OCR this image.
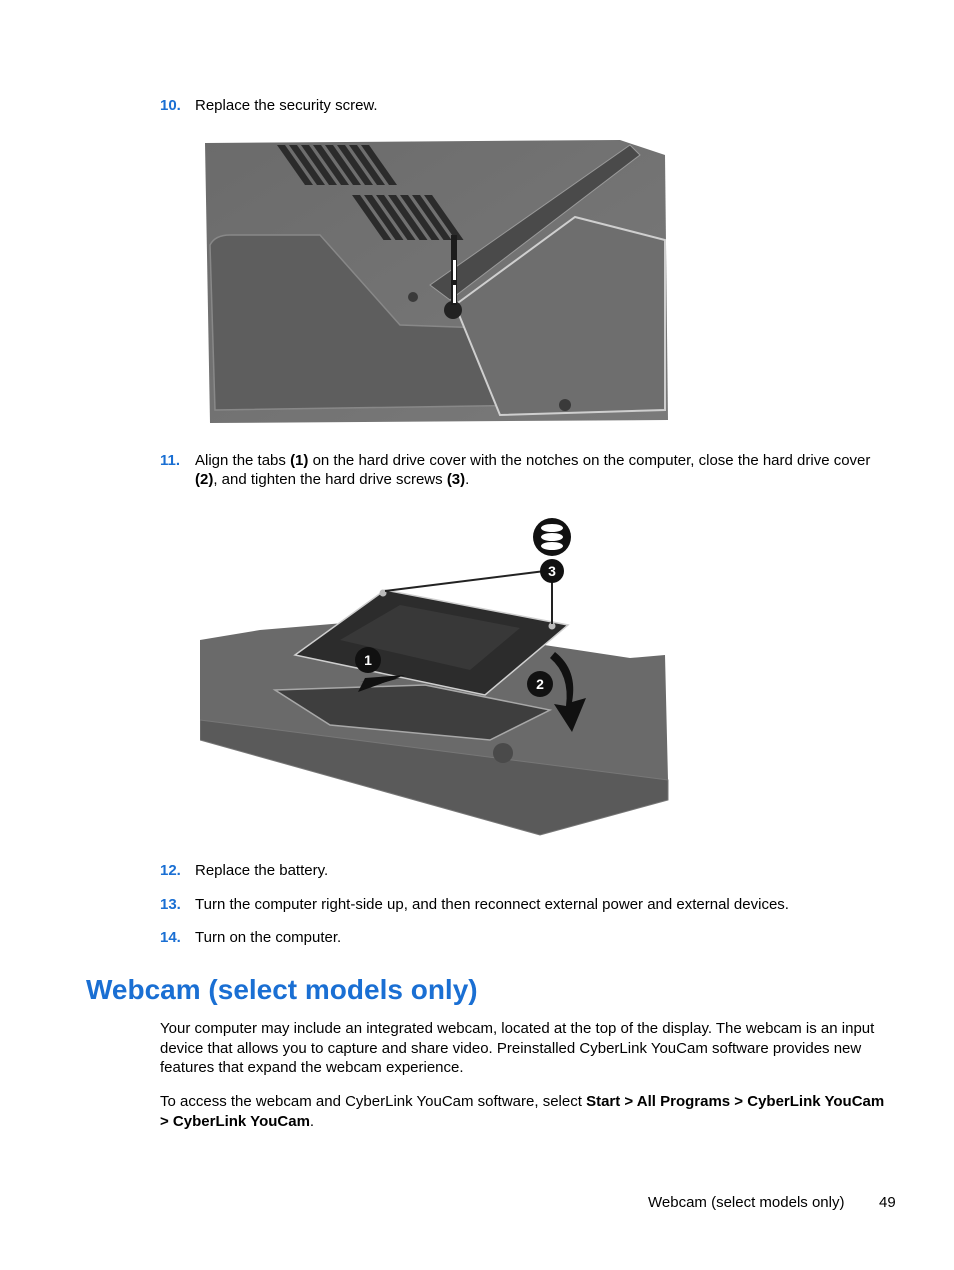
10. Replace the security screw.
11. Align the tabs (1) on the hard drive cover with the notches on the computer, close the hard drive cover (2), and tighten the hard drive screws (3).
3
1
2
12. Replace the battery.
13. Turn the computer right-side up, and then reconnect external power and external devices.
14. Turn on the computer.
Webcam (select models only)

Your computer may include an integrated webcam, located at the top of the display. The webcam is an input device that allows you to capture and share video. Preinstalled CyberLink YouCam software provides new features that expand the webcam experience.

To access the webcam and CyberLink YouCam software, select Start > All Programs > CyberLink YouCam > CyberLink YouCam.

Webcam (select models only) 49
